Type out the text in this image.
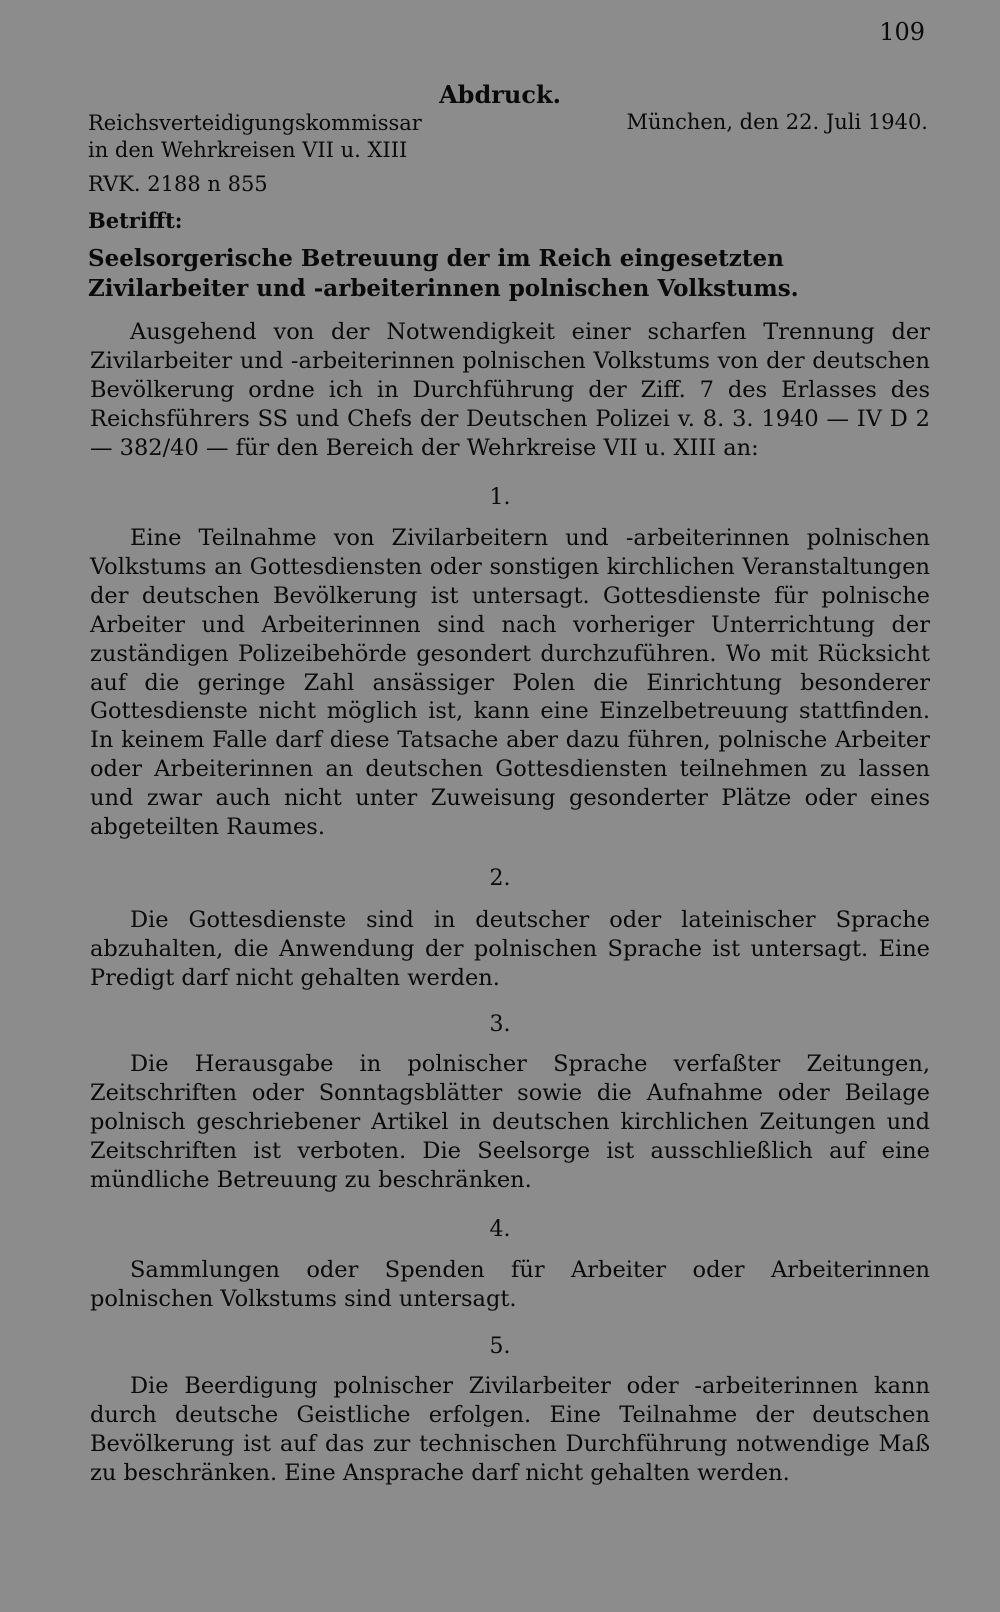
109
Abdruck.
Reichsverteidigungskommissar
in den Wehrkreisen VII u. XIII
München, den 22. Juli 1940.
RVK. 2188 n 855
Betrifft:
Seelsorgerische Betreuung der im Reich eingesetzten Zivilarbeiter und -arbeiterinnen polnischen Volkstums.
Ausgehend von der Notwendigkeit einer scharfen Trennung der Zivilarbeiter und -arbeiterinnen polnischen Volkstums von der deutschen Bevölkerung ordne ich in Durchführung der Ziff. 7 des Erlasses des Reichsführers SS und Chefs der Deutschen Polizei v. 8. 3. 1940 — IV D 2 — 382/40 — für den Bereich der Wehrkreise VII u. XIII an:
1.
Eine Teilnahme von Zivilarbeitern und -arbeiterinnen polnischen Volkstums an Gottesdiensten oder sonstigen kirchlichen Veranstaltungen der deutschen Bevölkerung ist untersagt. Gottesdienste für polnische Arbeiter und Arbeiterinnen sind nach vorheriger Unterrichtung der zuständigen Polizeibehörde gesondert durchzuführen. Wo mit Rücksicht auf die geringe Zahl ansässiger Polen die Einrichtung besonderer Gottesdienste nicht möglich ist, kann eine Einzelbetreuung stattfinden. In keinem Falle darf diese Tatsache aber dazu führen, polnische Arbeiter oder Arbeiterinnen an deutschen Gottesdiensten teilnehmen zu lassen und zwar auch nicht unter Zuweisung gesonderter Plätze oder eines abgeteilten Raumes.
2.
Die Gottesdienste sind in deutscher oder lateinischer Sprache abzuhalten, die Anwendung der polnischen Sprache ist untersagt. Eine Predigt darf nicht gehalten werden.
3.
Die Herausgabe in polnischer Sprache verfaßter Zeitungen, Zeitschriften oder Sonntagsblätter sowie die Aufnahme oder Beilage polnisch geschriebener Artikel in deutschen kirchlichen Zeitungen und Zeitschriften ist verboten. Die Seelsorge ist ausschließlich auf eine mündliche Betreuung zu beschränken.
4.
Sammlungen oder Spenden für Arbeiter oder Arbeiterinnen polnischen Volkstums sind untersagt.
5.
Die Beerdigung polnischer Zivilarbeiter oder -arbeiterinnen kann durch deutsche Geistliche erfolgen. Eine Teilnahme der deutschen Bevölkerung ist auf das zur technischen Durchführung notwendige Maß zu beschränken. Eine Ansprache darf nicht gehalten werden.
